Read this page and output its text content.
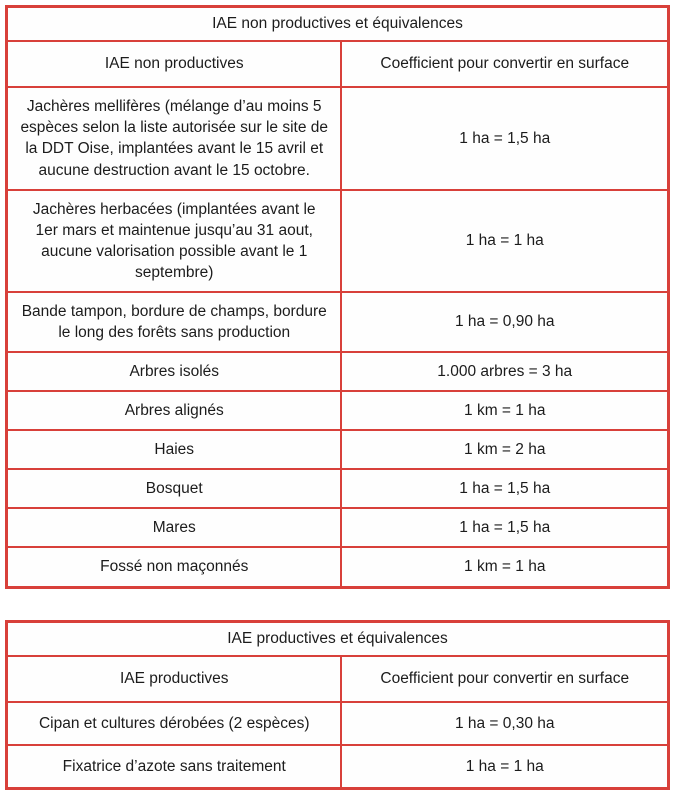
IAE non productives et équivalences	
IAE non productives	Coefficient pour convertir en surface
Jachères mellifères (mélange d’au moins 5 espèces selon la liste autorisée sur le site de la DDT Oise, implantées avant le 15 avril et aucune destruction avant le 15 octobre.	1 ha = 1,5 ha
Jachères herbacées (implantées avant le 1er mars et maintenue jusqu’au 31 aout, aucune valorisation possible avant le 1 septembre)	1 ha = 1 ha
Bande tampon, bordure de champs, bordure le long des forêts sans production	1 ha = 0,90 ha
Arbres isolés	1.000 arbres = 3 ha
Arbres alignés	1 km = 1 ha
Haies	1 km = 2 ha
Bosquet	1 ha = 1,5 ha
Mares	1 ha = 1,5 ha
Fossé non maçonnés	1 km = 1 ha
IAE productives et équivalences	
IAE productives	Coefficient pour convertir en surface
Cipan et cultures dérobées (2 espèces)	1 ha = 0,30 ha
Fixatrice d’azote sans traitement	1 ha = 1 ha
